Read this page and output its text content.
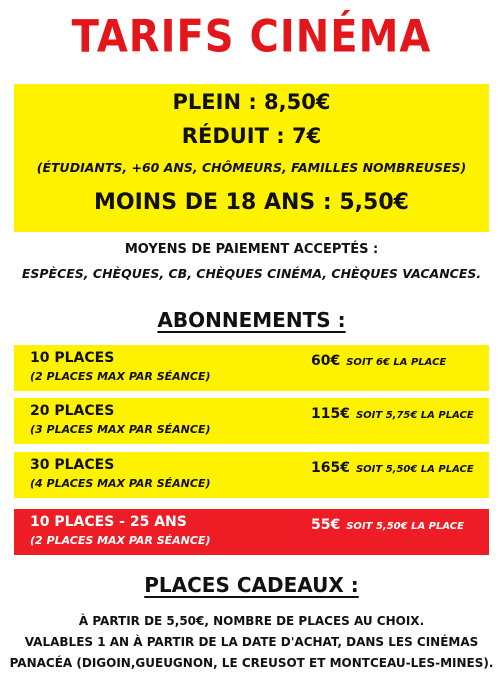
TARIFS CINÉMA
PLEIN : 8,50€
RÉDUIT : 7€
(ÉTUDIANTS, +60 ANS, CHÔMEURS, FAMILLES NOMBREUSES)
MOINS DE 18 ANS : 5,50€
MOYENS DE PAIEMENT ACCEPTÉS :
ESPÈCES, CHÈQUES, CB, CHÈQUES CINÉMA, CHÈQUES VACANCES.
ABONNEMENTS :
10 PLACES
(2 PLACES MAX PAR SÉANCE)
60€ SOIT 6€ LA PLACE
20 PLACES
(3 PLACES MAX PAR SÉANCE)
115€ SOIT 5,75€ LA PLACE
30 PLACES
(4 PLACES MAX PAR SÉANCE)
165€ SOIT 5,50€ LA PLACE
10 PLACES - 25 ANS
(2 PLACES MAX PAR SÉANCE)
55€ SOIT 5,50€ LA PLACE
PLACES CADEAUX :
À PARTIR DE 5,50€, NOMBRE DE PLACES AU CHOIX.
VALABLES 1 AN À PARTIR DE LA DATE D'ACHAT, DANS LES CINÉMAS
PANACÉA (DIGOIN,GUEUGNON, LE CREUSOT ET MONTCEAU-LES-MINES).
